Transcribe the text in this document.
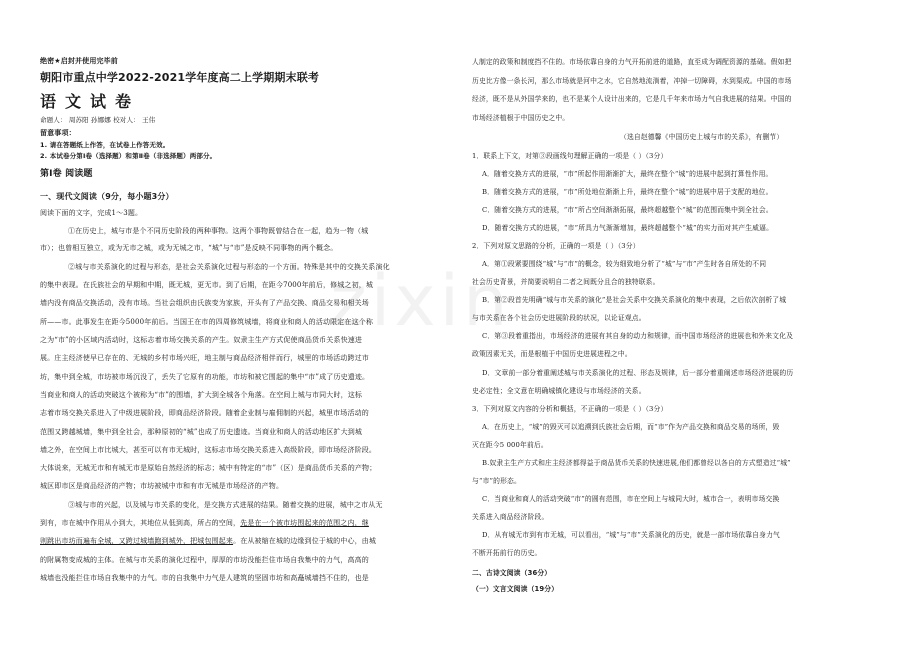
zixin
绝密★启封并使用完毕前
朝阳市重点中学2022-2021学年度高二上学期期末联考
语文试卷
命题人： 周苏阳 孙娜娜 校对人： 王伟
留意事项：
1. 请在答题纸上作答，在试卷上作答无效。
2. 本试卷分第Ⅰ卷（选择题）和第Ⅱ卷（非选择题）两部分。
第Ⅰ卷 阅读题
一、现代文阅读（9分，每小题3分）
阅读下面的文字，完成1～3题。
①在历史上，城与市是个不同历史阶段的两种事物。这两个事物既曾结合在一起，趋为一物（城
市）；也曾相互独立，或为无市之城，或为无城之市，“城”与“市”是反映不同事物的两个概念。
②城与市关系演化的过程与形态，是社会关系演化过程与形态的一个方面。特殊是其中的交换关系演化
的集中表现。在氏族社会的早期和中期，既无城，更无市。到了后期，在距今7000年前后，修城之初，城
墙内没有商品交换活动，没有市场。当社会组织由氏族变为家族，开头有了产品交换、商品交易和相关场
所——市。此事发生在距今5000年前后。当国王在市的四周修筑城墙，将商业和商人的活动限定在这个称
之为“市”的小区域内活动时，这标志着市场交换关系的产生。奴隶主生产方式促使商品货币关系快速进
展。庄主经济使早已存在的、无城的乡村市场兴旺，地主制与商品经济相伴而行，城里的市场活动跨过市
坊，集中到全城，市坊被市场沉没了，丢失了它原有的功能，市坊和被它围起的集中“市”成了历史遗迹。
当商业和商人的活动突破这个被称为“市”的围墙，扩大到全城各个角落。在空间上城与市同大时，这标
志着市场交换关系进入了中级进展阶段，即商品经济阶段。随着企业制与雇佣制的兴起，城里市场活动的
范围又跨越城墙，集中到全社会，那种原初的“城”也成了历史遗迹。当商业和商人的活动地区扩大到城
墙之外，在空间上市比城大，甚至可以有市无城时，这标志市场交换关系进入高级阶段，即市场经济阶段。
大体说来，无城无市和有城无市是原始自然经济的标志；城中有特定的“市”（区）是商品货币关系的产物；
城区即市区是商品经济的产物；市坊被城中市和有市无城是市场经济的产物。
③城与市的兴起，以及城与市关系的变化，是交换方式进展的结果。随着交换的进展，城中之市从无
到有，市在城中作用从小到大，其地位从低到高，所占的空间，先是在一个被市坊围起来的范围之内，继
则跳出市坊而遍布全城，又跨过城墙跑到城外，把城包围起来。在从被缩在城的边缘到位于城的中心，由城
的附属物变成城的主体。在城与市关系的演化过程中，厚厚的市坊没能拦住市场自我集中的力气，高高的
城墙也没能拦住市场自我集中的力气。市的自我集中力气是人建筑的坚固市坊和高矗城墙挡不住的，也是
人制定的政策和制度挡不住的。市场依靠自身的力气开拓前进的道路，直至成为调配资源的基础。假如把
历史比方像一条长河，那么市场就是河中之水，它自然地流淌着，冲掉一切障碍，水到渠成。中国的市场
经济，既不是从外国学来的，也不是某个人设计出来的，它是几千年来市场力气自我进展的结果。中国的
市场经济植根于中国历史之中。
（选自赵德馨《中国历史上城与市的关系》，有删节）
1．联系上下文，对第③段画线句理解正确的一项是（ ）（3分）
A．随着交换方式的进展，“市”所起作用渐渐扩大，最终在整个“城”的进展中起到打算性作用。
B．随着交换方式的进展，“市”所处地位渐渐上升，最终在整个“城”的进展中居于支配的地位。
C．随着交换方式的进展，“市”所占空间渐渐拓展，最终超越整个“城”的范围而集中到全社会。
D．随着交换方式的进展，“市”所具力气渐渐增加，最终超越整个“城”的实力而对其产生威逼。
2．下列对原文思路的分析，正确的一项是（ ）（3分）
A．第①段紧要围绕“城”与“市”的概念，较为细致地分析了“城”与“市”产生时各自所处的不同
社会历史背景，并简要说明自二者之间既分且合的独特联系。
B．第②段首先明确“城与市关系的演化”是社会关系中交换关系演化的集中表现，之后依次剖析了城
与市关系在各个社会历史进展阶段的状况，以论证观点。
C．第③段着重指出，市场经济的进展有其自身的动力和规律，而中国市场经济的进展也和外来文化及
政策因素无关，而是根植于中国历史进展进程之中。
D．文章前一部分着重阐述城与市关系演化的过程、形态及规律，后一部分着重阐述市场经济进展的历
史必定性；全文意在明确城镇化建设与市场经济的关系。
3．下列对原文内容的分析和概括，不正确的一项是（ ）（3分）
A．在历史上，“城”的毁灭可以追溯到氏族社会后期，而“市”作为产品交换和商品交易的场所，毁
灭在距今5 000年前后。
B.奴隶主生产方式和庄主经济都得益于商品货币关系的快速进展,他们都曾经以各自的方式塑造过“城”
与“市”的形态。
C．当商业和商人的活动突破“市”的圆有范围，市在空间上与城同大时，城市合一，表明市场交换
关系进入商品经济阶段。
D．从有城无市到有市无城，可以看出，“城”与“市”关系演化的历史，就是一部市场依靠自身力气
不断开拓前行的历史。
二、古诗文阅读（36分）
（一）文言文阅读（19分）
